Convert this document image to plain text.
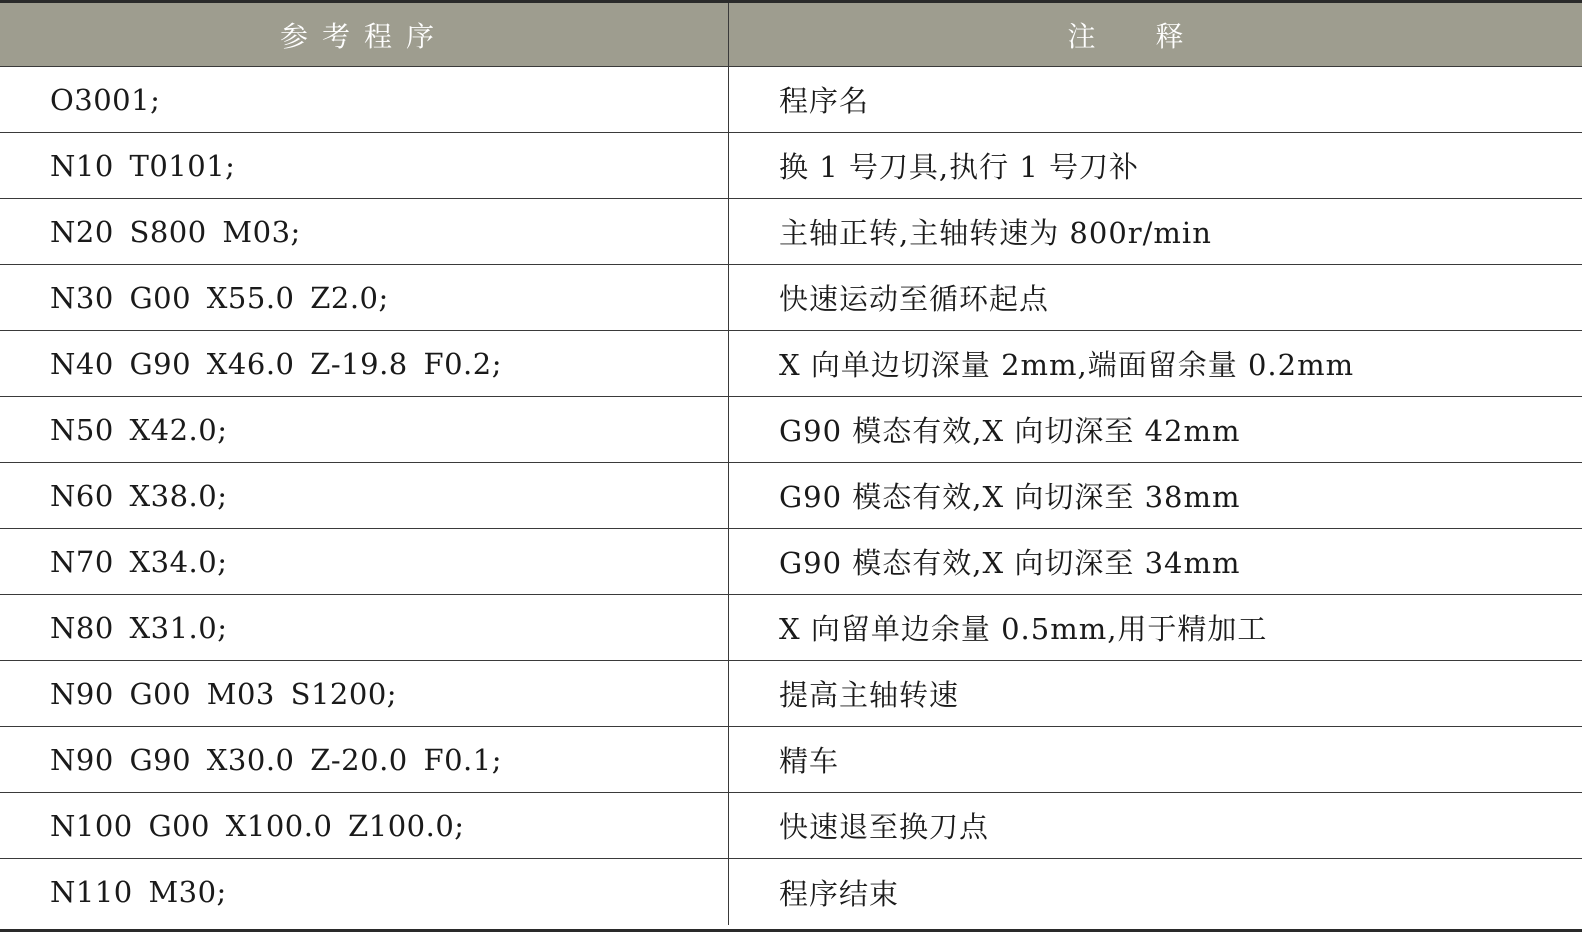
参考程序	注释
O3001;	程序名
N10 T0101;	换 1 号刀具,执行 1 号刀补
N20 S800 M03;	主轴正转,主轴转速为 800r/min
N30 G00 X55.0 Z2.0;	快速运动至循环起点
N40 G90 X46.0 Z-19.8 F0.2;	X 向单边切深量 2mm,端面留余量 0.2mm
N50 X42.0;	G90 模态有效,X 向切深至 42mm
N60 X38.0;	G90 模态有效,X 向切深至 38mm
N70 X34.0;	G90 模态有效,X 向切深至 34mm
N80 X31.0;	X 向留单边余量 0.5mm,用于精加工
N90 G00 M03 S1200;	提高主轴转速
N90 G90 X30.0 Z-20.0 F0.1;	精车
N100 G00 X100.0 Z100.0;	快速退至换刀点
N110 M30;	程序结束
